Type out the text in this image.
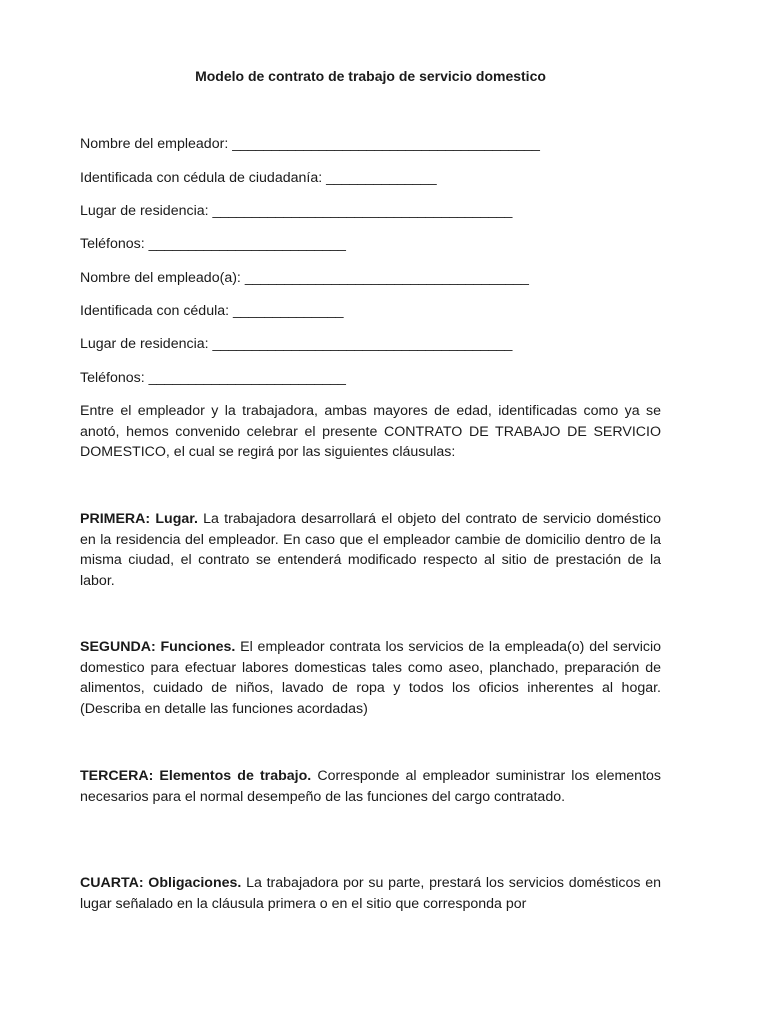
Modelo de contrato de trabajo de servicio domestico

Nombre del empleador: _______________________________________

Identificada con cédula de ciudadanía: ______________

Lugar de residencia: ______________________________________

Teléfonos: _________________________

Nombre del empleado(a): ____________________________________

Identificada con cédula: ______________

Lugar de residencia: ______________________________________

Teléfonos: _________________________

Entre el empleador y la trabajadora, ambas mayores de edad, identificadas como ya se anotó, hemos convenido celebrar el presente CONTRATO DE TRABAJO DE SERVICIO DOMESTICO, el cual se regirá por las siguientes cláusulas:

PRIMERA: Lugar. La trabajadora desarrollará el objeto del contrato de servicio doméstico en la residencia del empleador. En caso que el empleador cambie de domicilio dentro de la misma ciudad, el contrato se entenderá modificado respecto al sitio de prestación de la labor.

SEGUNDA: Funciones. El empleador contrata los servicios de la empleada(o) del servicio domestico para efectuar labores domesticas tales como aseo, planchado, preparación de alimentos, cuidado de niños, lavado de ropa y todos los oficios inherentes al hogar. (Describa en detalle las funciones acordadas)

TERCERA: Elementos de trabajo. Corresponde al empleador suministrar los elementos necesarios para el normal desempeño de las funciones del cargo contratado.

CUARTA: Obligaciones. La trabajadora por su parte, prestará los servicios domésticos en lugar señalado en la cláusula primera o en el sitio que corresponda por
